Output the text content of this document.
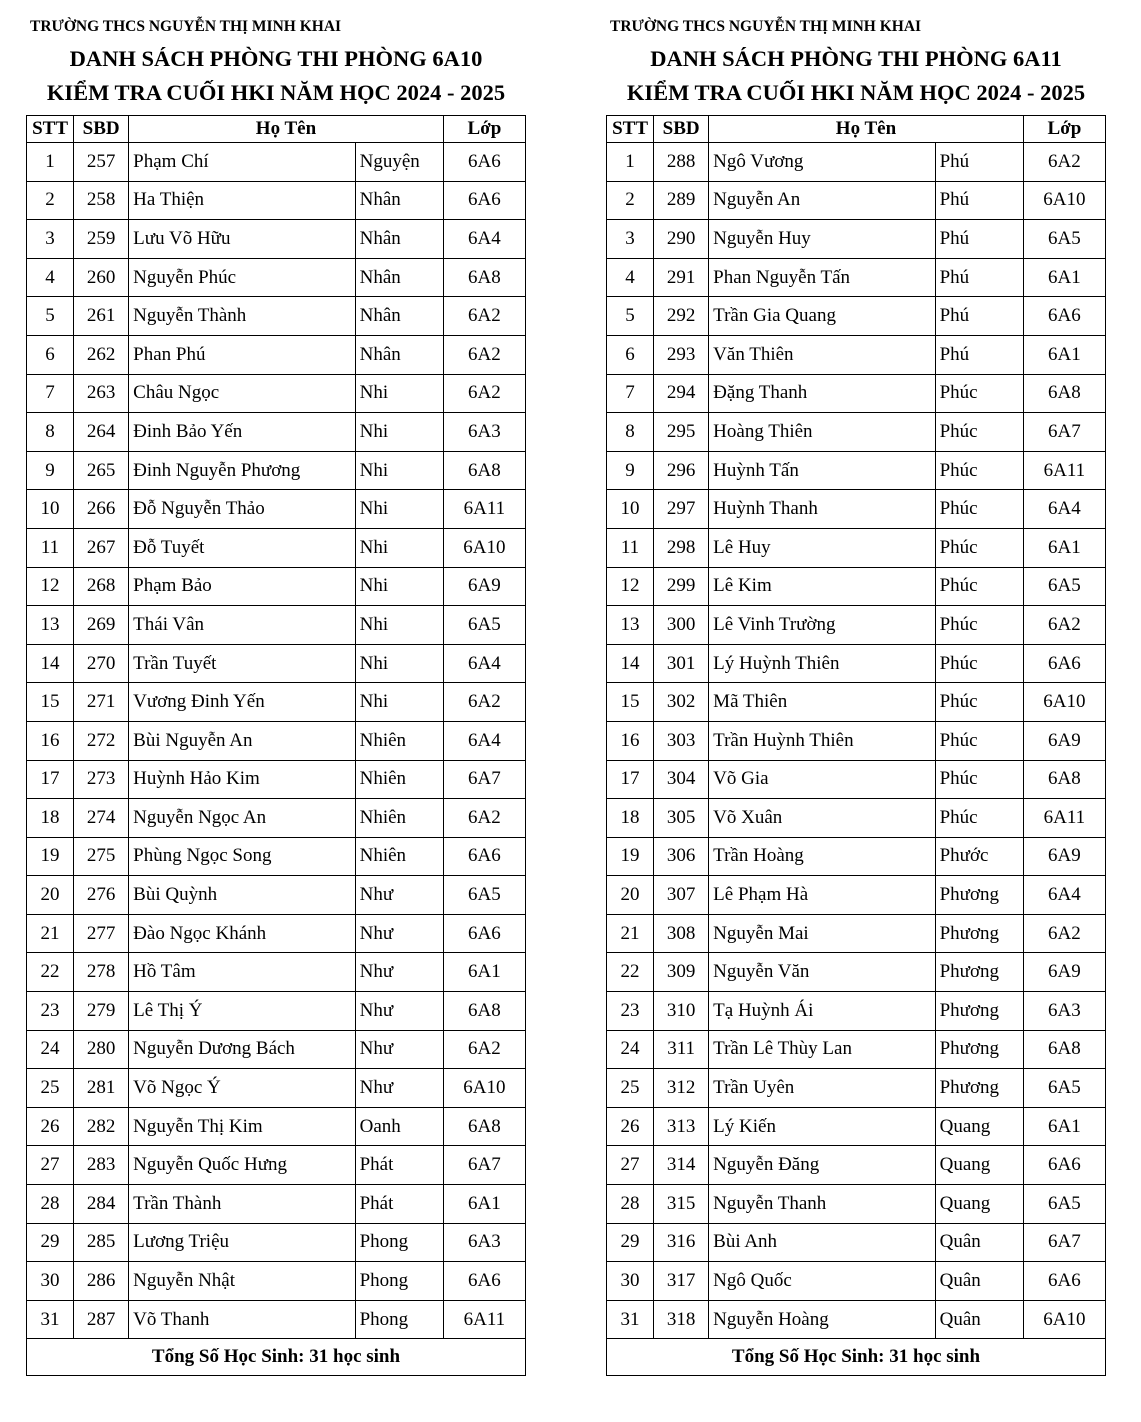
TRƯỜNG THCS NGUYỄN THỊ MINH KHAI
DANH SÁCH PHÒNG THI PHÒNG 6A10
KIỂM TRA CUỐI HKI NĂM HỌC 2024 - 2025
STT	SBD	Họ Tên		Lớp
1	257	Phạm Chí	Nguyện	6A6
2	258	Ha Thiện	Nhân	6A6
3	259	Lưu Võ Hữu	Nhân	6A4
4	260	Nguyễn Phúc	Nhân	6A8
5	261	Nguyễn Thành	Nhân	6A2
6	262	Phan Phú	Nhân	6A2
7	263	Châu Ngọc	Nhi	6A2
8	264	Đinh Bảo Yến	Nhi	6A3
9	265	Đinh Nguyễn Phương	Nhi	6A8
10	266	Đỗ Nguyễn Thảo	Nhi	6A11
11	267	Đỗ Tuyết	Nhi	6A10
12	268	Phạm Bảo	Nhi	6A9
13	269	Thái Vân	Nhi	6A5
14	270	Trần Tuyết	Nhi	6A4
15	271	Vương Đinh Yến	Nhi	6A2
16	272	Bùi Nguyễn An	Nhiên	6A4
17	273	Huỳnh Hảo Kim	Nhiên	6A7
18	274	Nguyễn Ngọc An	Nhiên	6A2
19	275	Phùng Ngọc Song	Nhiên	6A6
20	276	Bùi Quỳnh	Như	6A5
21	277	Đào Ngọc Khánh	Như	6A6
22	278	Hồ Tâm	Như	6A1
23	279	Lê Thị Ý	Như	6A8
24	280	Nguyễn Dương Bách	Như	6A2
25	281	Võ Ngọc Ý	Như	6A10
26	282	Nguyễn Thị Kim	Oanh	6A8
27	283	Nguyễn Quốc Hưng	Phát	6A7
28	284	Trần Thành	Phát	6A1
29	285	Lương Triệu	Phong	6A3
30	286	Nguyễn Nhật	Phong	6A6
31	287	Võ Thanh	Phong	6A11
Tổng Số Học Sinh: 31 học sinh				
TRƯỜNG THCS NGUYỄN THỊ MINH KHAI
DANH SÁCH PHÒNG THI PHÒNG 6A11
KIỂM TRA CUỐI HKI NĂM HỌC 2024 - 2025
STT	SBD	Họ Tên		Lớp
1	288	Ngô Vương	Phú	6A2
2	289	Nguyễn An	Phú	6A10
3	290	Nguyễn Huy	Phú	6A5
4	291	Phan Nguyễn Tấn	Phú	6A1
5	292	Trần Gia Quang	Phú	6A6
6	293	Văn Thiên	Phú	6A1
7	294	Đặng Thanh	Phúc	6A8
8	295	Hoàng Thiên	Phúc	6A7
9	296	Huỳnh Tấn	Phúc	6A11
10	297	Huỳnh Thanh	Phúc	6A4
11	298	Lê Huy	Phúc	6A1
12	299	Lê Kim	Phúc	6A5
13	300	Lê Vinh Trường	Phúc	6A2
14	301	Lý Huỳnh Thiên	Phúc	6A6
15	302	Mã Thiên	Phúc	6A10
16	303	Trần Huỳnh Thiên	Phúc	6A9
17	304	Võ Gia	Phúc	6A8
18	305	Võ Xuân	Phúc	6A11
19	306	Trần Hoàng	Phước	6A9
20	307	Lê Phạm Hà	Phương	6A4
21	308	Nguyễn Mai	Phương	6A2
22	309	Nguyễn Văn	Phương	6A9
23	310	Tạ Huỳnh Ái	Phương	6A3
24	311	Trần Lê Thùy Lan	Phương	6A8
25	312	Trần Uyên	Phương	6A5
26	313	Lý Kiến	Quang	6A1
27	314	Nguyễn Đăng	Quang	6A6
28	315	Nguyễn Thanh	Quang	6A5
29	316	Bùi Anh	Quân	6A7
30	317	Ngô Quốc	Quân	6A6
31	318	Nguyễn Hoàng	Quân	6A10
Tổng Số Học Sinh: 31 học sinh				
